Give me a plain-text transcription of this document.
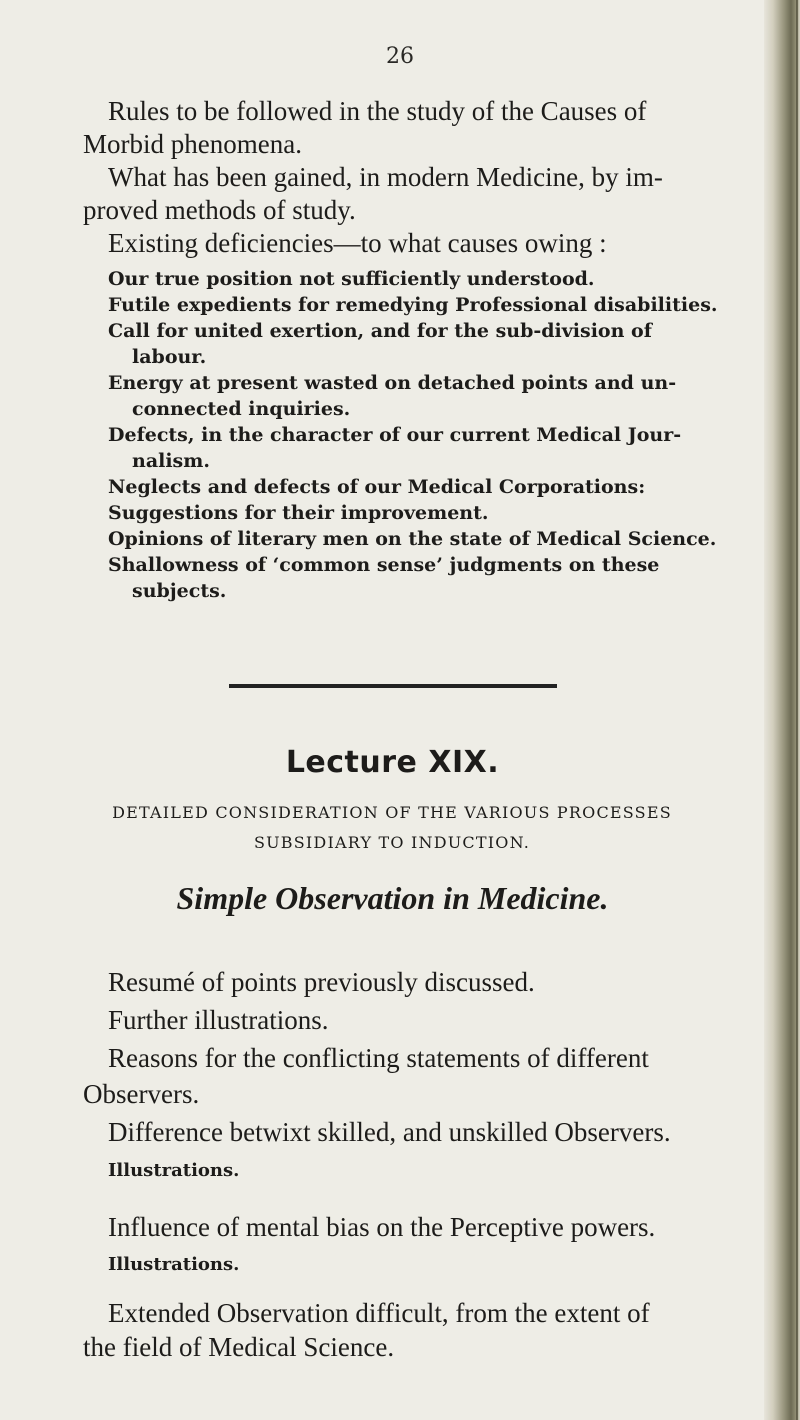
26
Rules to be followed in the study of the Causes of
Morbid phenomena.
What has been gained, in modern Medicine, by im-
proved methods of study.
Existing deficiencies—to what causes owing :
Our true position not sufficiently understood.
Futile expedients for remedying Professional disabilities.
Call for united exertion, and for the sub-division of
labour.
Energy at present wasted on detached points and un-
connected inquiries.
Defects, in the character of our current Medical Jour-
nalism.
Neglects and defects of our Medical Corporations:
Suggestions for their improvement.
Opinions of literary men on the state of Medical Science.
Shallowness of ‘common sense’ judgments on these
subjects.
Lecture XIX.
DETAILED CONSIDERATION OF THE VARIOUS PROCESSES
SUBSIDIARY TO INDUCTION.
Simple Observation in Medicine.
Resumé of points previously discussed.
Further illustrations.
Reasons for the conflicting statements of different
Observers.
Difference betwixt skilled, and unskilled Observers.
Influence of mental bias on the Perceptive powers.
Extended Observation difficult, from the extent of
the field of Medical Science.
Illustrations.
Illustrations.
